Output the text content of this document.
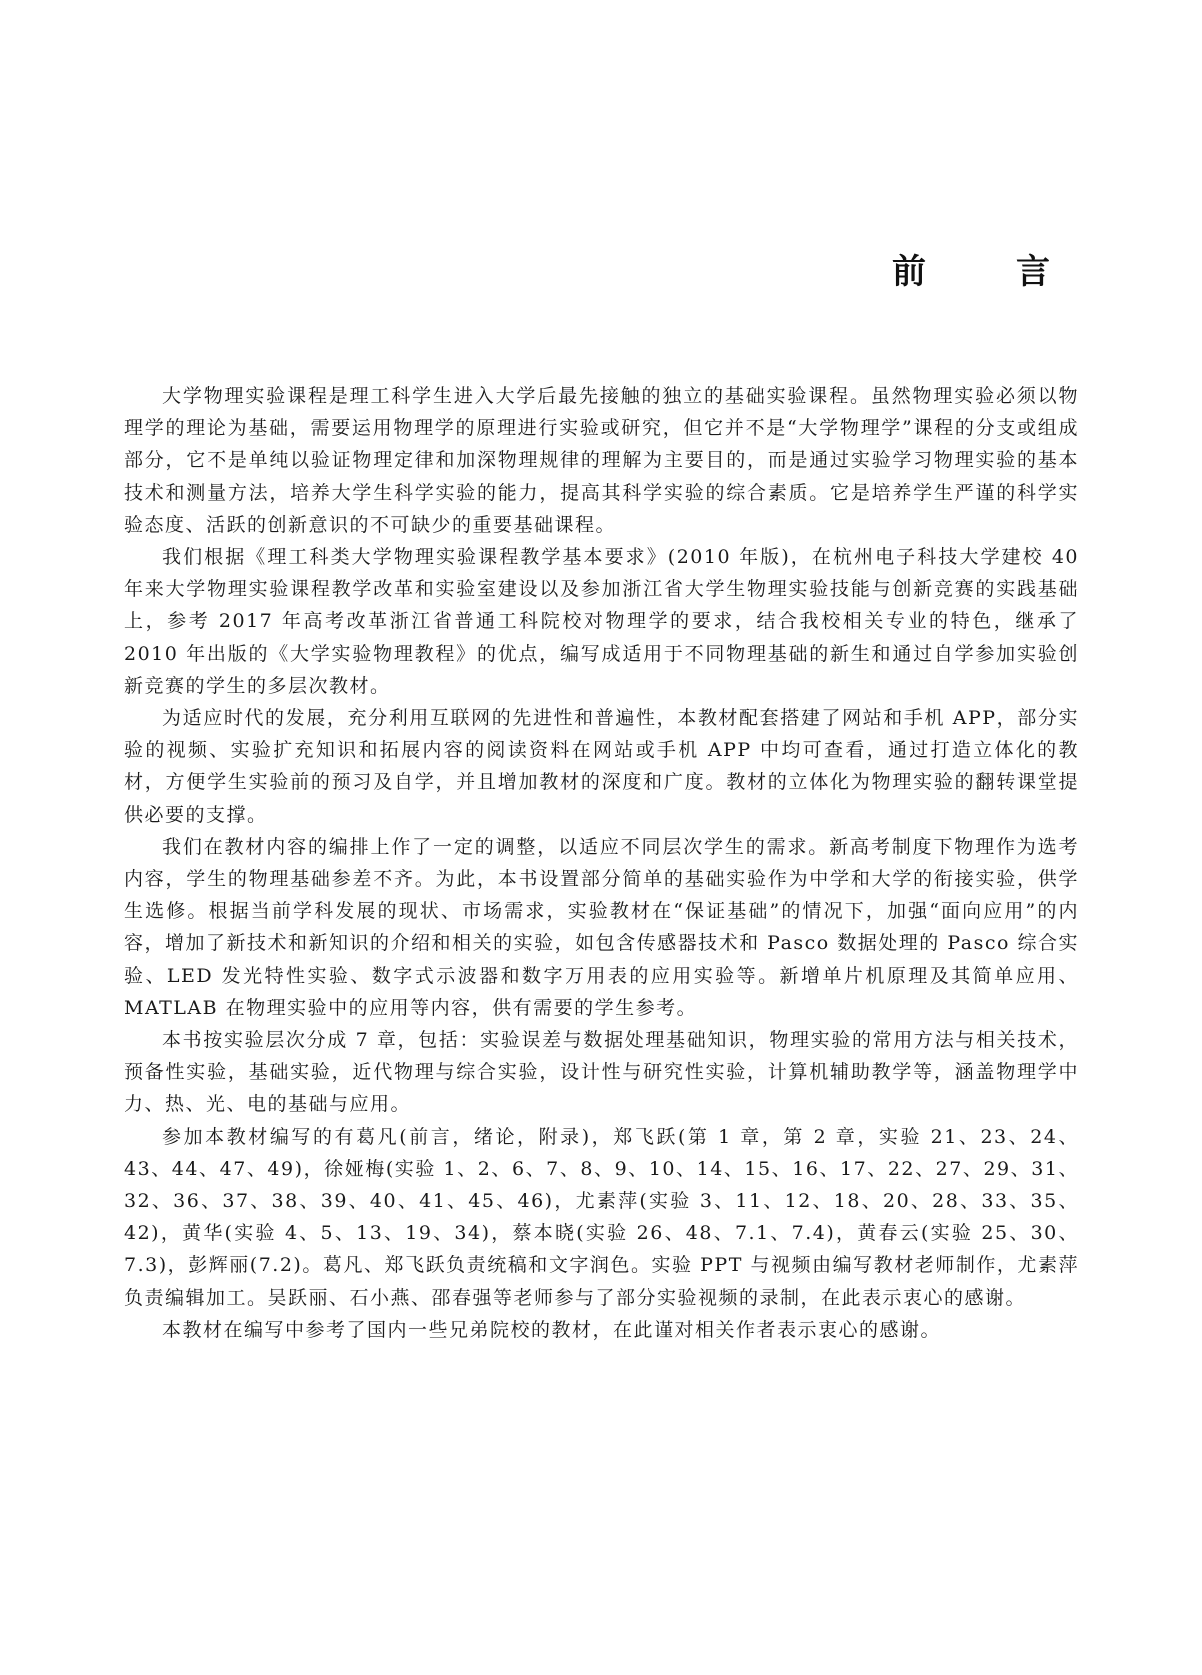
前　言

大学物理实验课程是理工科学生进入大学后最先接触的独立的基础实验课程。虽然物理实验必须以物理学的理论为基础，需要运用物理学的原理进行实验或研究，但它并不是“大学物理学”课程的分支或组成部分，它不是单纯以验证物理定律和加深物理规律的理解为主要目的，而是通过实验学习物理实验的基本技术和测量方法，培养大学生科学实验的能力，提高其科学实验的综合素质。它是培养学生严谨的科学实验态度、活跃的创新意识的不可缺少的重要基础课程。

我们根据《理工科类大学物理实验课程教学基本要求》(2010 年版)，在杭州电子科技大学建校 40 年来大学物理实验课程教学改革和实验室建设以及参加浙江省大学生物理实验技能与创新竞赛的实践基础上，参考 2017 年高考改革浙江省普通工科院校对物理学的要求，结合我校相关专业的特色，继承了 2010 年出版的《大学实验物理教程》的优点，编写成适用于不同物理基础的新生和通过自学参加实验创新竞赛的学生的多层次教材。

为适应时代的发展，充分利用互联网的先进性和普遍性，本教材配套搭建了网站和手机 APP，部分实验的视频、实验扩充知识和拓展内容的阅读资料在网站或手机 APP 中均可查看，通过打造立体化的教材，方便学生实验前的预习及自学，并且增加教材的深度和广度。教材的立体化为物理实验的翻转课堂提供必要的支撑。

我们在教材内容的编排上作了一定的调整，以适应不同层次学生的需求。新高考制度下物理作为选考内容，学生的物理基础参差不齐。为此，本书设置部分简单的基础实验作为中学和大学的衔接实验，供学生选修。根据当前学科发展的现状、市场需求，实验教材在“保证基础”的情况下，加强“面向应用”的内容，增加了新技术和新知识的介绍和相关的实验，如包含传感器技术和 Pasco 数据处理的 Pasco 综合实验、LED 发光特性实验、数字式示波器和数字万用表的应用实验等。新增单片机原理及其简单应用、MATLAB 在物理实验中的应用等内容，供有需要的学生参考。

本书按实验层次分成 7 章，包括：实验误差与数据处理基础知识，物理实验的常用方法与相关技术，预备性实验，基础实验，近代物理与综合实验，设计性与研究性实验，计算机辅助教学等，涵盖物理学中力、热、光、电的基础与应用。

参加本教材编写的有葛凡(前言，绪论，附录)，郑飞跃(第 1 章，第 2 章，实验 21、23、24、43、44、47、49)，徐娅梅(实验 1、2、6、7、8、9、10、14、15、16、17、22、27、29、31、32、36、37、38、39、40、41、45、46)，尤素萍(实验 3、11、12、18、20、28、33、35、42)，黄华(实验 4、5、13、19、34)，蔡本晓(实验 26、48、7.1、7.4)，黄春云(实验 25、30、7.3)，彭辉丽(7.2)。葛凡、郑飞跃负责统稿和文字润色。实验 PPT 与视频由编写教材老师制作，尤素萍负责编辑加工。吴跃丽、石小燕、邵春强等老师参与了部分实验视频的录制，在此表示衷心的感谢。

本教材在编写中参考了国内一些兄弟院校的教材，在此谨对相关作者表示衷心的感谢。
